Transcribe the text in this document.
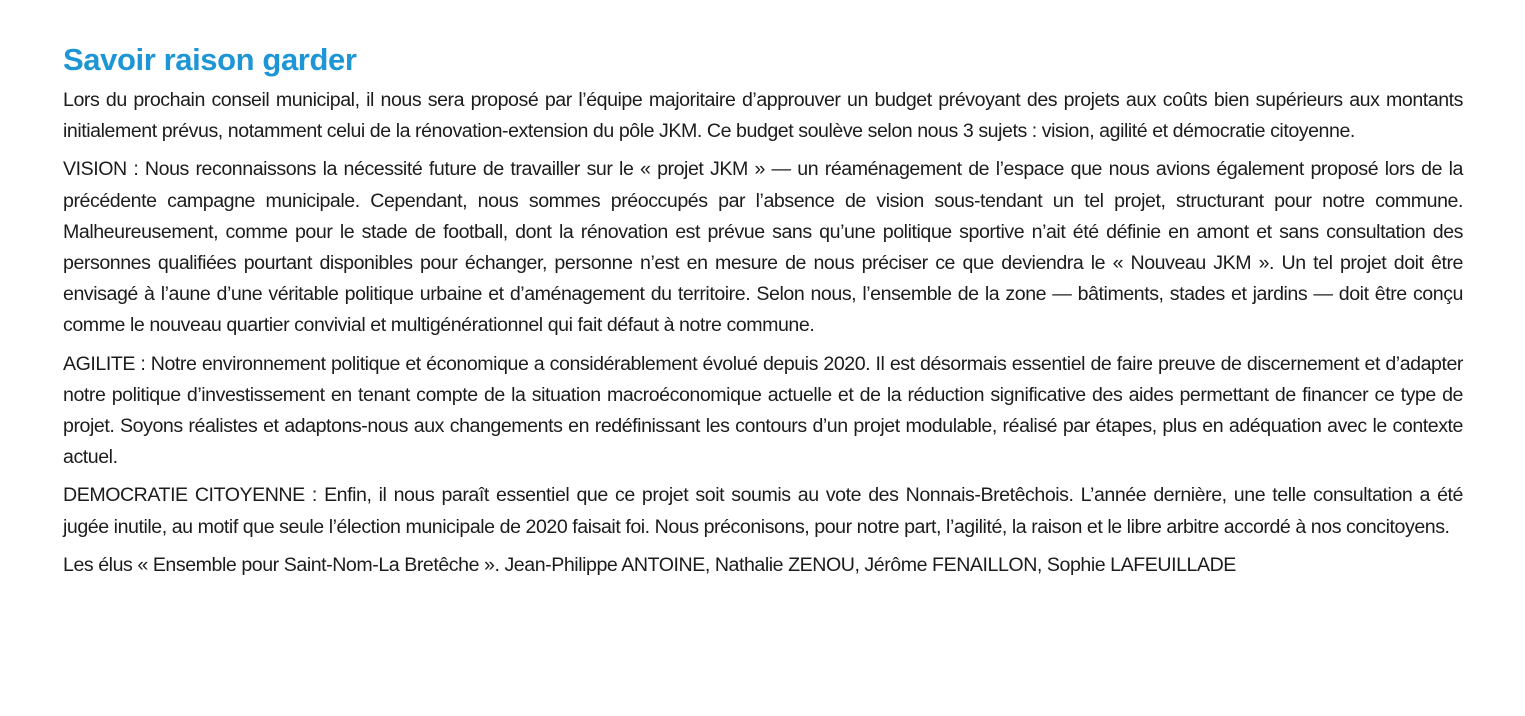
Savoir raison garder

Lors du prochain conseil municipal, il nous sera proposé par l’équipe majoritaire d’approuver un budget prévoyant des projets aux coûts bien supérieurs aux montants initialement prévus, notamment celui de la rénovation-extension du pôle JKM. Ce budget soulève selon nous 3 sujets : vision, agilité et démocratie citoyenne.

VISION : Nous reconnaissons la nécessité future de travailler sur le « projet JKM » — un réaménagement de l’espace que nous avions également proposé lors de la précédente campagne municipale. Cependant, nous sommes préoccupés par l’absence de vision sous-tendant un tel projet, structurant pour notre commune. Malheureusement, comme pour le stade de football, dont la rénovation est prévue sans qu’une politique sportive n’ait été définie en amont et sans consultation des personnes qualifiées pourtant disponibles pour échanger, personne n’est en mesure de nous préciser ce que deviendra le « Nouveau JKM ». Un tel projet doit être envisagé à l’aune d’une véritable politique urbaine et d’aménagement du territoire. Selon nous, l’ensemble de la zone — bâtiments, stades et jardins — doit être conçu comme le nouveau quartier convivial et multigénérationnel qui fait défaut à notre commune.

AGILITE : Notre environnement politique et économique a considérablement évolué depuis 2020. Il est désormais essentiel de faire preuve de discernement et d’adapter notre politique d’investissement en tenant compte de la situation macroéconomique actuelle et de la réduction significative des aides permettant de financer ce type de projet. Soyons réalistes et adaptons-nous aux changements en redéfinissant les contours d’un projet modulable, réalisé par étapes, plus en adéquation avec le contexte actuel.

DEMOCRATIE CITOYENNE : Enfin, il nous paraît essentiel que ce projet soit soumis au vote des Nonnais-Bretêchois. L’année dernière, une telle consultation a été jugée inutile, au motif que seule l’élection municipale de 2020 faisait foi. Nous préconisons, pour notre part, l’agilité, la raison et le libre arbitre accordé à nos concitoyens.

Les élus « Ensemble pour Saint-Nom-La Bretêche ». Jean-Philippe ANTOINE, Nathalie ZENOU, Jérôme FENAILLON, Sophie LAFEUILLADE
